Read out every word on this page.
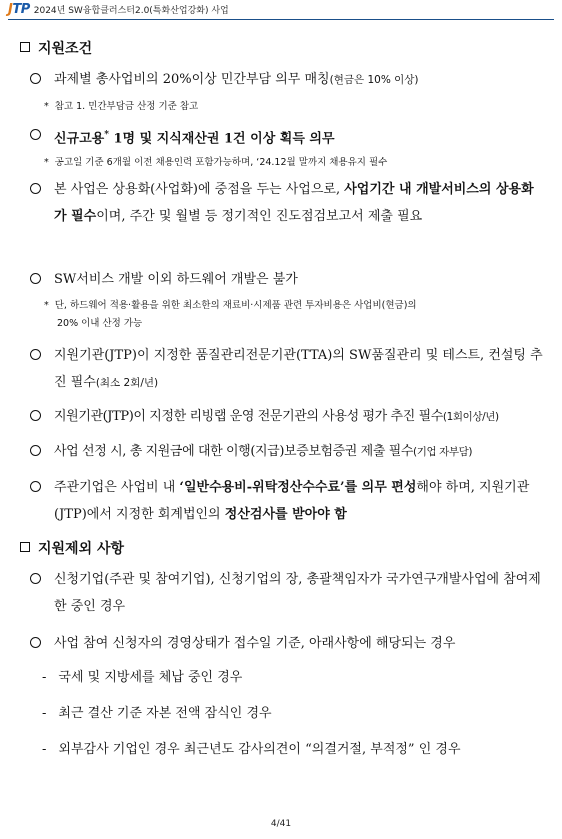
JTP 2024년 SW융합클러스터2.0(특화산업강화) 사업
지원조건
과제별 총사업비의 20%이상 민간부담 의무 매칭(현금은 10% 이상)
* 참고 1. 민간부담금 산정 기준 참고
신규고용* 1명 및 지식재산권 1건 이상 획득 의무
* 공고일 기준 6개월 이전 채용인력 포함가능하며, ‘24.12월 말까지 채용유지 필수
본 사업은 상용화(사업화)에 중점을 두는 사업으로, 사업기간 내 개발서비스의 상용화가 필수이며, 주간 및 월별 등 정기적인 진도점검보고서 제출 필요
SW서비스 개발 이외 하드웨어 개발은 불가
* 단, 하드웨어 적용·활용을 위한 최소한의 재료비·시제품 관련 투자비용은 사업비(현금)의
20% 이내 산정 가능
지원기관(JTP)이 지정한 품질관리전문기관(TTA)의 SW품질관리 및 테스트, 컨설팅 추진 필수(최소 2회/년)
지원기관(JTP)이 지정한 리빙랩 운영 전문기관의 사용성 평가 추진 필수(1회이상/년)
사업 선정 시, 총 지원금에 대한 이행(지급)보증보험증권 제출 필수(기업 자부담)
주관기업은 사업비 내 ‘일반수용비-위탁정산수수료’를 의무 편성해야 하며, 지원기관(JTP)에서 지정한 회계법인의 정산검사를 받아야 함
지원제외 사항
신청기업(주관 및 참여기업), 신청기업의 장, 총괄책임자가 국가연구개발사업에 참여제한 중인 경우
사업 참여 신청자의 경영상태가 접수일 기준, 아래사항에 해당되는 경우
- 국세 및 지방세를 체납 중인 경우
- 최근 결산 기준 자본 전액 잠식인 경우
- 외부감사 기업인 경우 최근년도 감사의견이 “의결거절, 부적정” 인 경우
4/41
